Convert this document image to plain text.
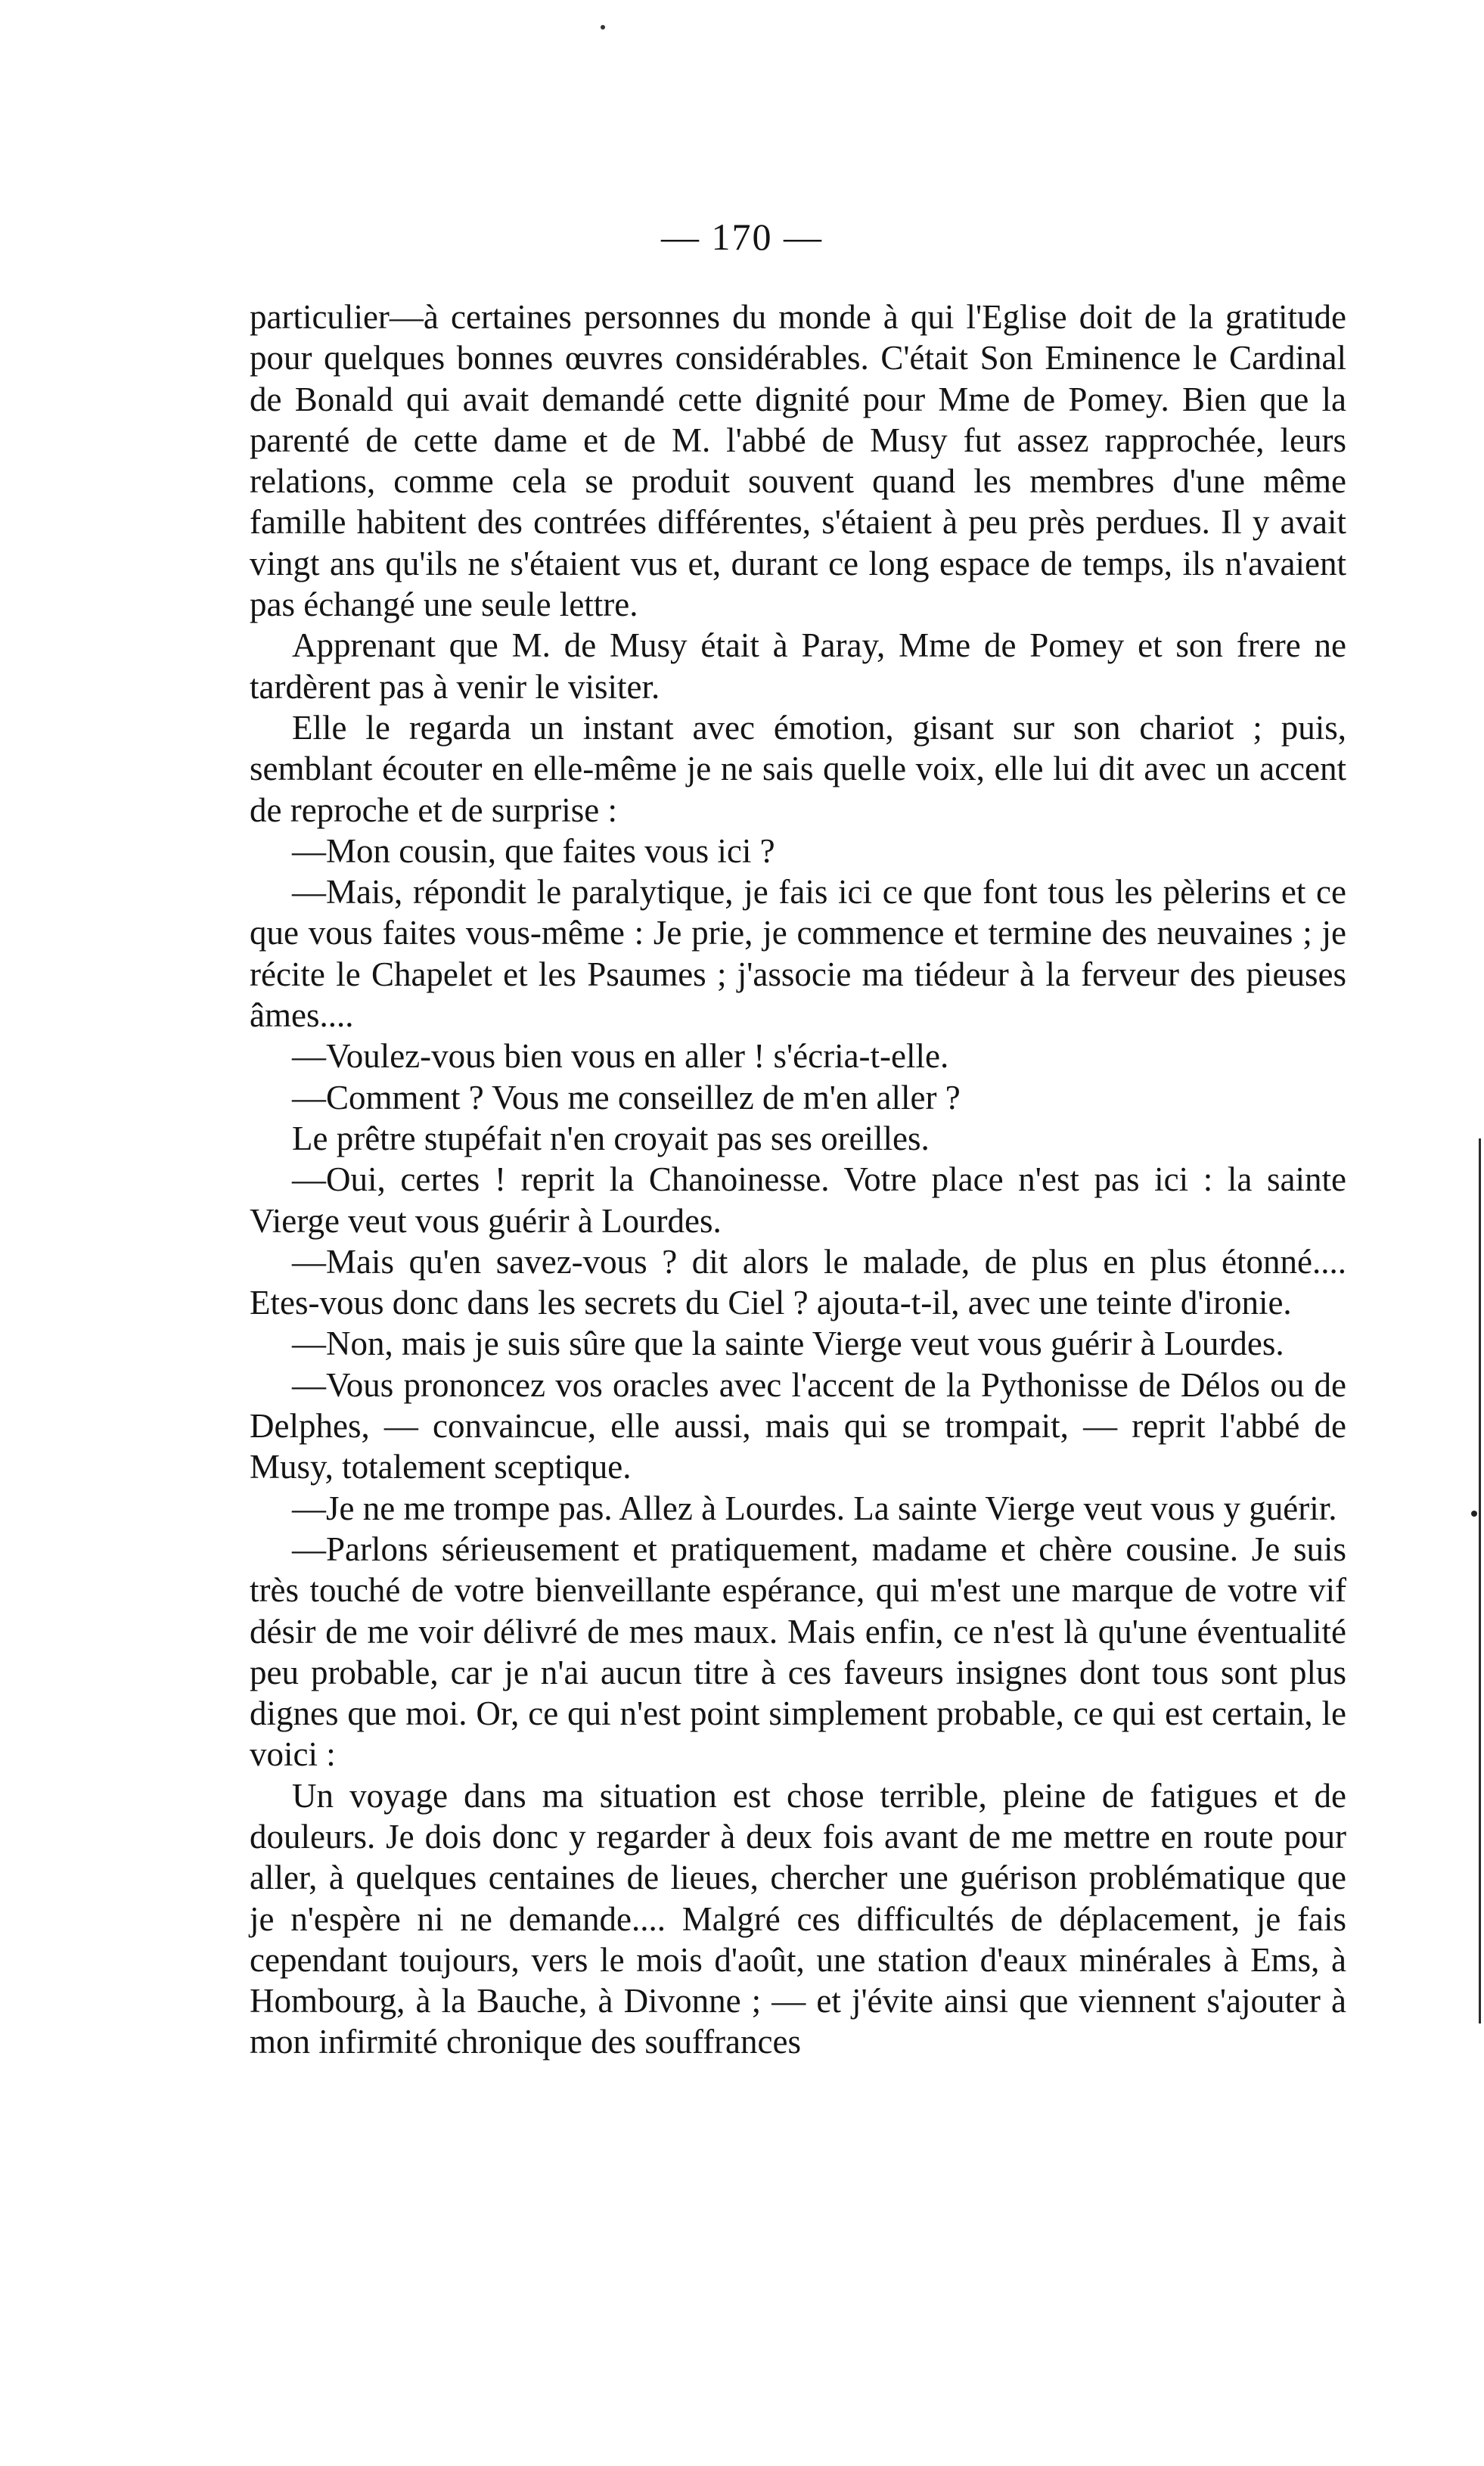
— 170 —

particulier—à certaines personnes du monde à qui l'Eglise doit de la gratitude pour quelques bonnes œuvres considérables. C'était Son Eminence le Cardinal de Bonald qui avait demandé cette dignité pour Mme de Pomey. Bien que la parenté de cette dame et de M. l'abbé de Musy fut assez rapprochée, leurs relations, comme cela se produit souvent quand les membres d'une même famille habitent des contrées différentes, s'étaient à peu près perdues. Il y avait vingt ans qu'ils ne s'étaient vus et, durant ce long espace de temps, ils n'avaient pas échangé une seule lettre.

Apprenant que M. de Musy était à Paray, Mme de Pomey et son frere ne tardèrent pas à venir le visiter.

Elle le regarda un instant avec émotion, gisant sur son chariot ; puis, semblant écouter en elle-même je ne sais quelle voix, elle lui dit avec un accent de reproche et de surprise :

—Mon cousin, que faites vous ici ?

—Mais, répondit le paralytique, je fais ici ce que font tous les pèlerins et ce que vous faites vous-même : Je prie, je commence et termine des neuvaines ; je récite le Chapelet et les Psaumes ; j'associe ma tiédeur à la ferveur des pieuses âmes....

—Voulez-vous bien vous en aller ! s'écria-t-elle.

—Comment ? Vous me conseillez de m'en aller ?

Le prêtre stupéfait n'en croyait pas ses oreilles.

—Oui, certes ! reprit la Chanoinesse. Votre place n'est pas ici : la sainte Vierge veut vous guérir à Lourdes.

—Mais qu'en savez-vous ? dit alors le malade, de plus en plus étonné.... Etes-vous donc dans les secrets du Ciel ? ajouta-t-il, avec une teinte d'ironie.

—Non, mais je suis sûre que la sainte Vierge veut vous guérir à Lourdes.

—Vous prononcez vos oracles avec l'accent de la Pythonisse de Délos ou de Delphes, — convaincue, elle aussi, mais qui se trompait, — reprit l'abbé de Musy, totalement sceptique.

—Je ne me trompe pas. Allez à Lourdes. La sainte Vierge veut vous y guérir.

—Parlons sérieusement et pratiquement, madame et chère cousine. Je suis très touché de votre bienveillante espérance, qui m'est une marque de votre vif désir de me voir délivré de mes maux. Mais enfin, ce n'est là qu'une éventualité peu probable, car je n'ai aucun titre à ces faveurs insignes dont tous sont plus dignes que moi. Or, ce qui n'est point simplement probable, ce qui est certain, le voici :

Un voyage dans ma situation est chose terrible, pleine de fatigues et de douleurs. Je dois donc y regarder à deux fois avant de me mettre en route pour aller, à quelques centaines de lieues, chercher une guérison problématique que je n'espère ni ne demande.... Malgré ces difficultés de déplacement, je fais cependant toujours, vers le mois d'août, une station d'eaux minérales à Ems, à Hombourg, à la Bauche, à Divonne ; — et j'évite ainsi que viennent s'ajouter à mon infirmité chronique des souffrances
